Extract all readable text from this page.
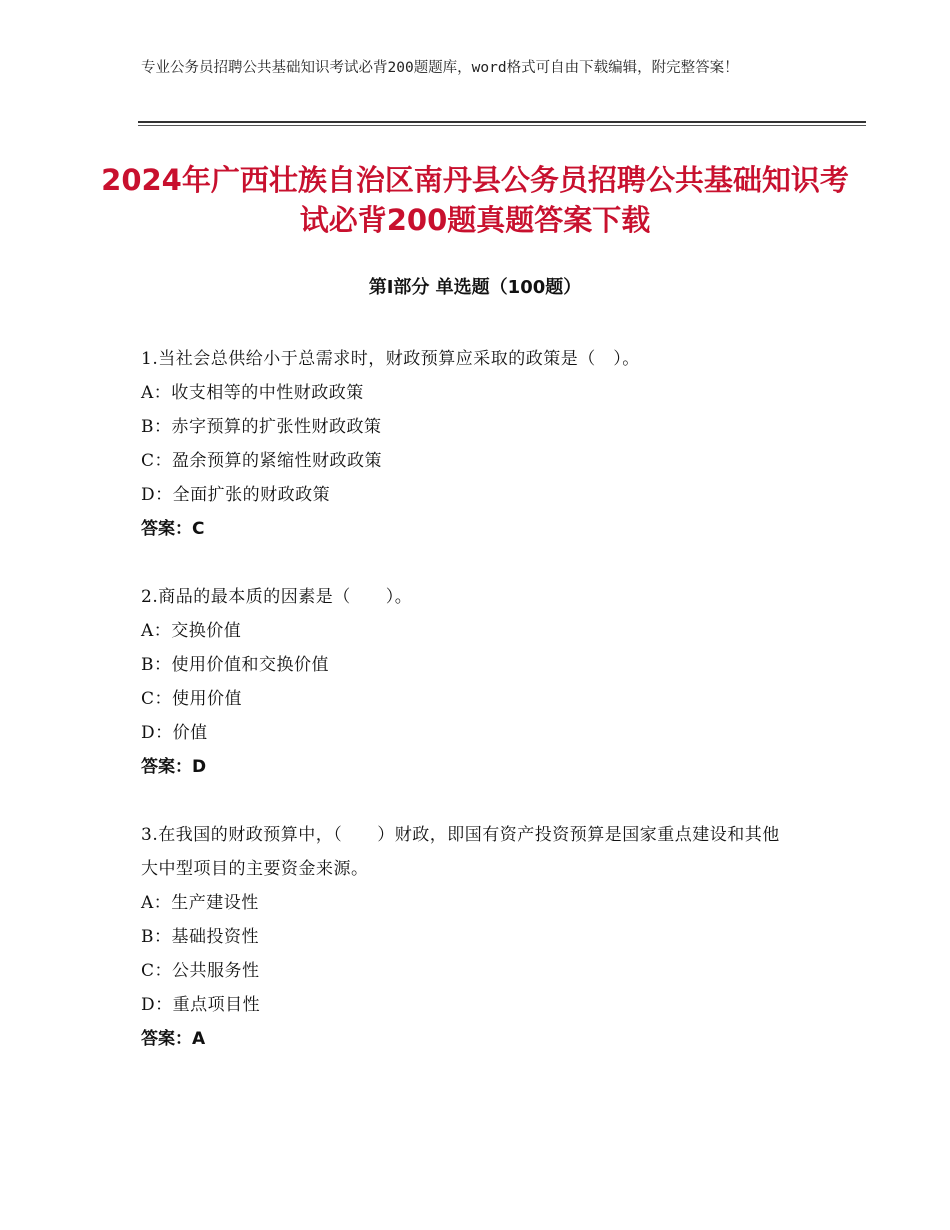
专业公务员招聘公共基础知识考试必背200题题库，word格式可自由下载编辑，附完整答案！
2024年广西壮族自治区南丹县公务员招聘公共基础知识考试必背200题真题答案下载
第Ⅰ部分 单选题（100题）
1.当社会总供给小于总需求时，财政预算应采取的政策是（　）。
A：收支相等的中性财政政策
B：赤字预算的扩张性财政政策
C：盈余预算的紧缩性财政政策
D：全面扩张的财政政策
答案：C
2.商品的最本质的因素是（　　）。
A：交换价值
B：使用价值和交换价值
C：使用价值
D：价值
答案：D
3.在我国的财政预算中，（　　）财政，即国有资产投资预算是国家重点建设和其他大中型项目的主要资金来源。
A：生产建设性
B：基础投资性
C：公共服务性
D：重点项目性
答案：A
